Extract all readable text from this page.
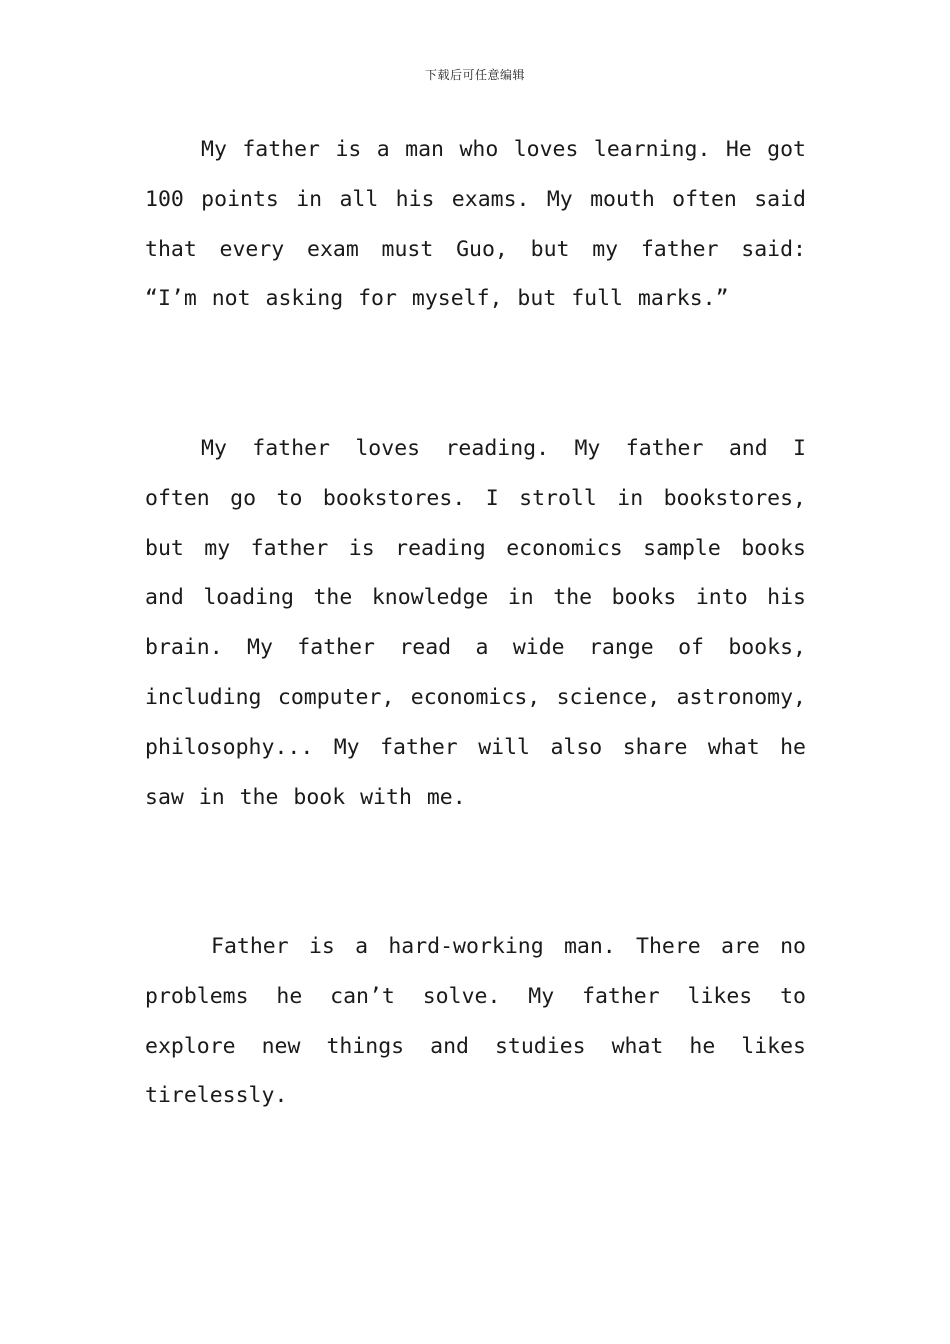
下载后可任意编辑

My father is a man who loves learning. He got 100 points in all his exams. My mouth often said that every exam must Guo, but my father said: “I’m not asking for myself, but full marks.”

My father loves reading. My father and I often go to bookstores. I stroll in bookstores, but my father is reading economics sample books and loading the knowledge in the books into his brain. My father read a wide range of books, including computer, economics, science, astronomy, philosophy... My father will also share what he saw in the book with me.

Father is a hard-working man. There are no problems he can’t solve. My father likes to explore new things and studies what he likes tirelessly.
